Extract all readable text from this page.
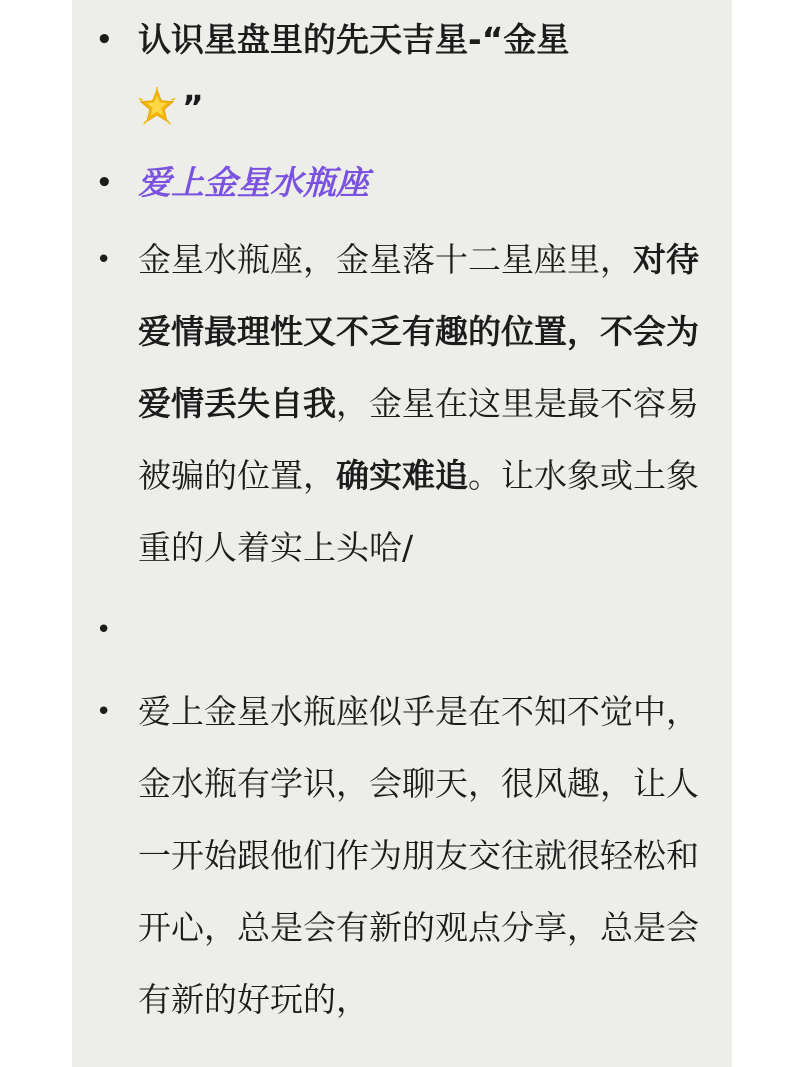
• 认识星盘里的先天吉星-“金星
”
• 爱上金星水瓶座
• 金星水瓶座，金星落十二星座里，对待爱情最理性又不乏有趣的位置，不会为爱情丢失自我，金星在这里是最不容易被骗的位置，确实难追。让水象或土象重的人着实上头哈/
•
• 爱上金星水瓶座似乎是在不知不觉中，金水瓶有学识，会聊天，很风趣，让人一开始跟他们作为朋友交往就很轻松和开心，总是会有新的观点分享，总是会有新的好玩的，
